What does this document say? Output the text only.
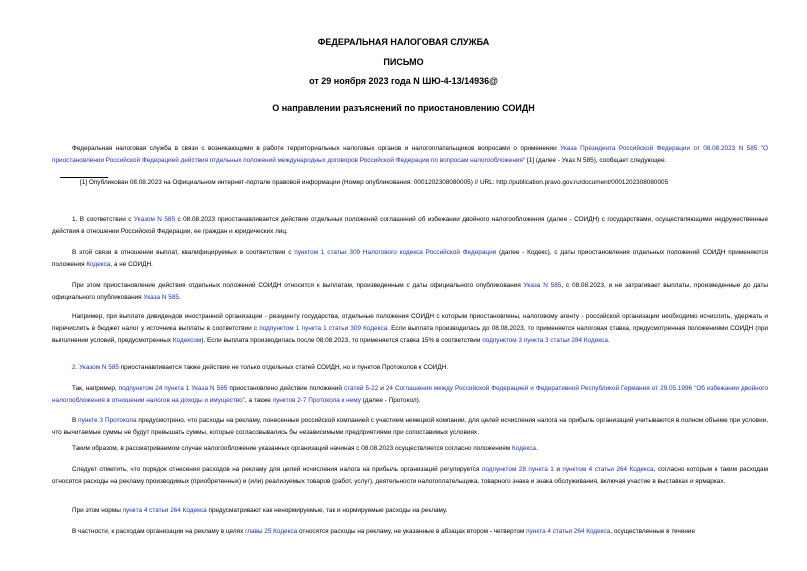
ФЕДЕРАЛЬНАЯ НАЛОГОВАЯ СЛУЖБА
ПИСЬМО
от 29 ноября 2023 года N ШЮ-4-13/14936@
О направлении разъяснений по приостановлению СОИДН

Федеральная налоговая служба в связи с возникающими в работе территориальных налоговых органов и налогоплательщиков вопросами о применении Указа Президента Российской Федерации от 08.08.2023 N 585 "О приостановлении Российской Федерацией действия отдельных положений международных договоров Российской Федерации по вопросам налогообложения" [1] (далее - Указ N 585), сообщает следующее.

[1] Опубликован 08.08.2023 на Официальном интернет-портале правовой информации (Номер опубликования: 0001202308080005) // URL: http://publication.pravo.gov.ru/document/0001202308080005

1. В соответствии с Указом N 585 с 08.08.2023 приостанавливается действие отдельных положений соглашений об избежании двойного налогообложения (далее - СОИДН) с государствами, осуществляющими недружественные действия в отношении Российской Федерации, ее граждан и юридических лиц.

В этой связи в отношении выплат, квалифицируемых в соответствии с пунктом 1 статьи 309 Налогового кодекса Российской Федерации (далее - Кодекс), с даты приостановления отдельных положений СОИДН применяются положения Кодекса, а не СОИДН.

При этом приостановление действия отдельных положений СОИДН относится к выплатам, произведенным с даты официального опубликования Указа N 585, с 08.08.2023, и не затрагивает выплаты, произведенные до даты официального опубликования Указа N 585.

Например, при выплате дивидендов иностранной организации - резиденту государства, отдельные положения СОИДН с которым приостановлены, налоговому агенту - российской организации необходимо исчислить, удержать и перечислить в бюджет налог у источника выплаты в соответствии с подпунктом 1 пункта 1 статьи 309 Кодекса. Если выплата производилась до 08.08.2023, то применяется налоговая ставка, предусмотренная положениями СОИДН (при выполнении условий, предусмотренных Кодексом). Если выплата производилась после 08.08.2023, то применяется ставка 15% в соответствии подпунктом 3 пункта 3 статьи 284 Кодекса.

2. Указом N 585 приостанавливается также действие не только отдельных статей СОИДН, но и пунктов Протоколов к СОИДН.

Так, например, подпунктом 24 пункта 1 Указа N 585 приостановлено действие положений статей 5-22 и 24 Соглашения между Российской Федерацией и Федеративной Республикой Германия от 29.05.1996 "Об избежании двойного налогообложения в отношении налогов на доходы и имущество", а также пунктов 2-7 Протокола к нему (далее - Протокол).

В пункте 3 Протокола предусмотрено, что расходы на рекламу, понесенные российской компанией с участием немецкой компании, для целей исчисления налога на прибыль организаций учитываются в полном объеме при условии, что вычитаемые суммы не будут превышать суммы, которые согласовывались бы независимыми предприятиями при сопоставимых условиях.

Таким образом, в рассматриваемом случае налогообложение указанных организаций начиная с 08.08.2023 осуществляется согласно положениям Кодекса.

Следует отметить, что порядок отнесения расходов на рекламу для целей исчисления налога на прибыль организаций регулируется подпунктом 28 пункта 1 и пунктом 4 статьи 264 Кодекса, согласно которым к таким расходам относятся расходы на рекламу производимых (приобретенных) и (или) реализуемых товаров (работ, услуг), деятельности налогоплательщика, товарного знака и знака обслуживания, включая участие в выставках и ярмарках.

При этом нормы пункта 4 статьи 264 Кодекса предусматривают как ненормируемые, так и нормируемые расходы на рекламу.

В частности, к расходам организации на рекламу в целях главы 25 Кодекса относятся расходы на рекламу, не указанные в абзацах втором - четвертом пункта 4 статьи 264 Кодекса, осуществленные в течение
